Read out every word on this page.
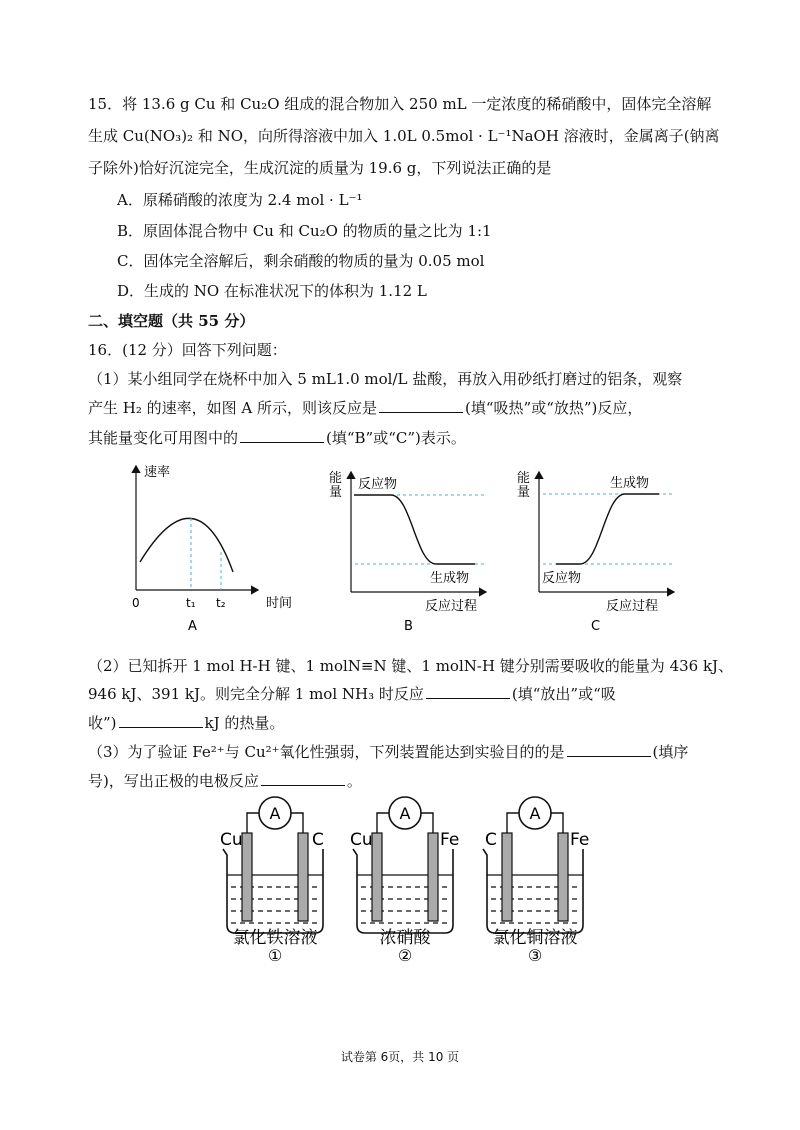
15．将 13.6 g Cu 和 Cu₂O 组成的混合物加入 250 mL 一定浓度的稀硝酸中，固体完全溶解
生成 Cu(NO₃)₂ 和 NO，向所得溶液中加入 1.0L 0.5mol · L⁻¹NaOH 溶液时，金属离子(钠离
子除外)恰好沉淀完全，生成沉淀的质量为 19.6 g，下列说法正确的是
A．原稀硝酸的浓度为 2.4 mol · L⁻¹
B．原固体混合物中 Cu 和 Cu₂O 的物质的量之比为 1:1
C．固体完全溶解后，剩余硝酸的物质的量为 0.05 mol
D．生成的 NO 在标准状况下的体积为 1.12 L
二、填空题（共 55 分）
16．(12 分）回答下列问题：
（1）某小组同学在烧杯中加入 5 mL1.0 mol/L 盐酸，再放入用砂纸打磨过的铝条，观察
产生 H₂ 的速率，如图 A 所示，则该反应是	(填“吸热”或“放热”)反应，
其能量变化可用图中的	(填“B”或“C”)表示。
速率
0	t₁ t₂	时间
A
能
量
反应物
生成物
反应过程
B
能
量
生成物
反应物
反应过程
C
（2）已知拆开 1 mol H-H 键、1 molN≡N 键、1 molN-H 键分别需要吸收的能量为 436 kJ、
946 kJ、391 kJ。则完全分解 1 mol NH₃ 时反应	(填“放出”或“吸
收”)	kJ 的热量。
（3）为了验证 Fe²⁺与 Cu²⁺氧化性强弱，下列装置能达到实验目的的是	(填序
号)，写出正极的电极反应	。
A
Cu	C
氯化铁溶液
①
A
Cu	Fe
浓硝酸
②
A
C	Fe
氯化铜溶液
③
试卷第 6页，共 10 页
